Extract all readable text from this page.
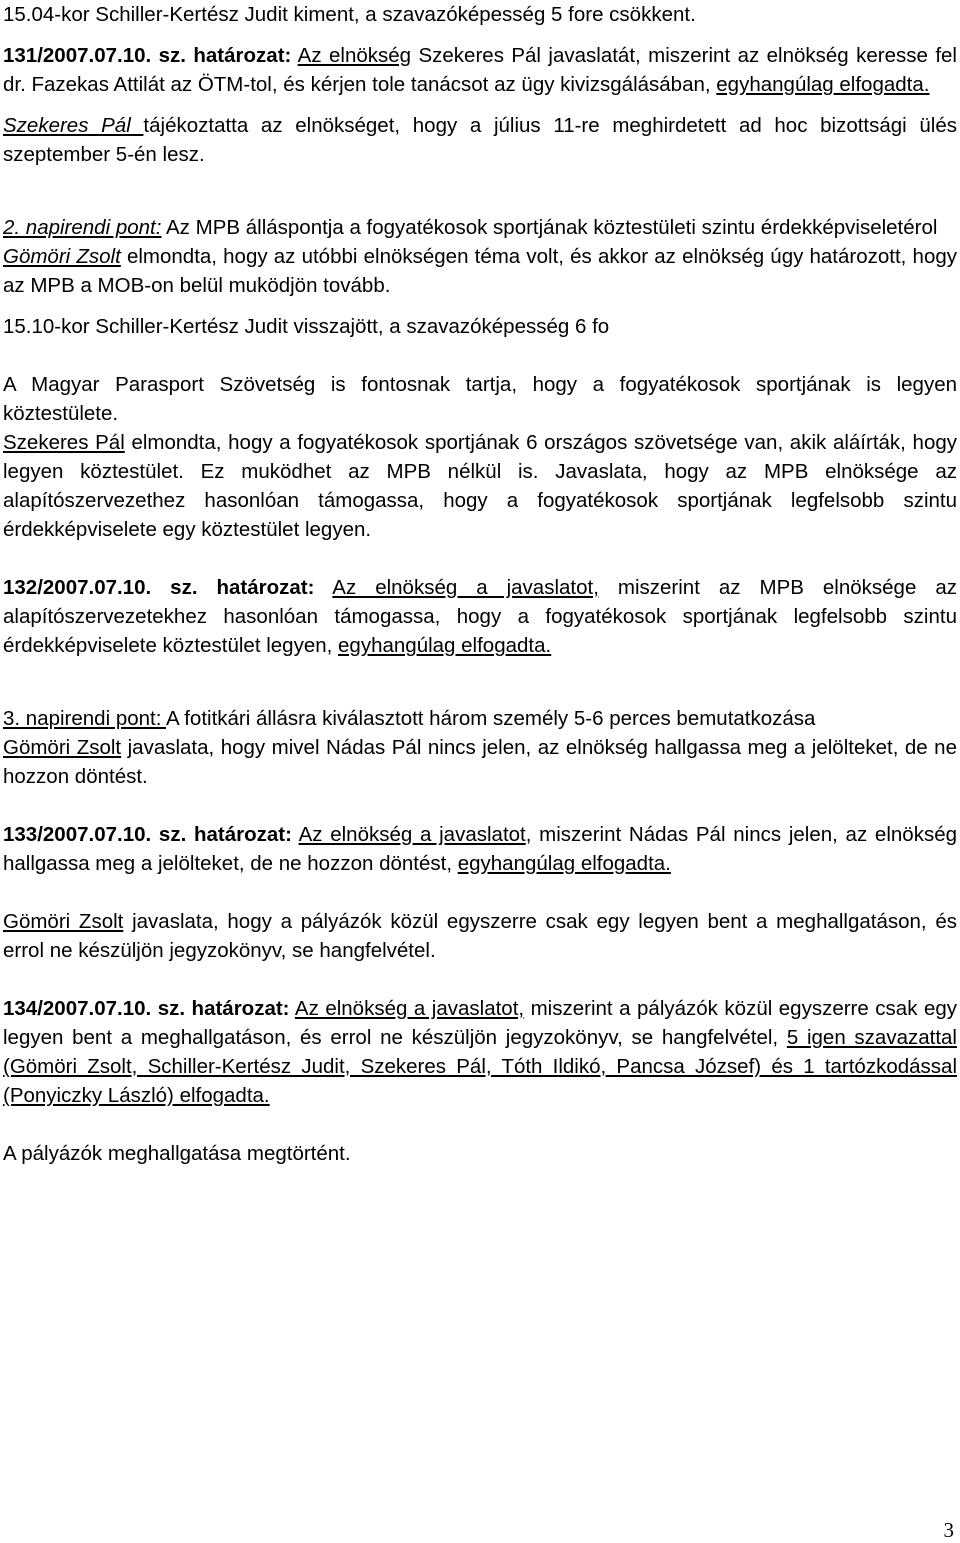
15.04-kor Schiller-Kertész Judit kiment, a szavazóképesség 5 fore csökkent.

131/2007.07.10. sz. határozat: Az elnökség Szekeres Pál javaslatát, miszerint az elnökség keresse fel dr. Fazekas Attilát az ÖTM-tol, és kérjen tole tanácsot az ügy kivizsgálásában, egyhangúlag elfogadta.

Szekeres Pál tájékoztatta az elnökséget, hogy a július 11-re meghirdetett ad hoc bizottsági ülés szeptember 5-én lesz.

2. napirendi pont: Az MPB álláspontja a fogyatékosok sportjának köztestületi szintu érdekképviseletérol

Gömöri Zsolt elmondta, hogy az utóbbi elnökségen téma volt, és akkor az elnökség úgy határozott, hogy az MPB a MOB-on belül muködjön tovább.

15.10-kor Schiller-Kertész Judit visszajött, a szavazóképesség 6 fo

A Magyar Parasport Szövetség is fontosnak tartja, hogy a fogyatékosok sportjának is legyen köztestülete.

Szekeres Pál elmondta, hogy a fogyatékosok sportjának 6 országos szövetsége van, akik aláírták, hogy legyen köztestület. Ez muködhet az MPB nélkül is. Javaslata, hogy az MPB elnöksége az alapítószervezethez hasonlóan támogassa, hogy a fogyatékosok sportjának legfelsobb szintu érdekképviselete egy köztestület legyen.

132/2007.07.10. sz. határozat: Az elnökség a javaslatot, miszerint az MPB elnöksége az alapítószervezetekhez hasonlóan támogassa, hogy a fogyatékosok sportjának legfelsobb szintu érdekképviselete köztestület legyen, egyhangúlag elfogadta.

3. napirendi pont: A fotitkári állásra kiválasztott három személy 5-6 perces bemutatkozása

Gömöri Zsolt javaslata, hogy mivel Nádas Pál nincs jelen, az elnökség hallgassa meg a jelölteket, de ne hozzon döntést.

133/2007.07.10. sz. határozat: Az elnökség a javaslatot, miszerint Nádas Pál nincs jelen, az elnökség hallgassa meg a jelölteket, de ne hozzon döntést, egyhangúlag elfogadta.

Gömöri Zsolt javaslata, hogy a pályázók közül egyszerre csak egy legyen bent a meghallgatáson, és errol ne készüljön jegyzokönyv, se hangfelvétel.

134/2007.07.10. sz. határozat: Az elnökség a javaslatot, miszerint a pályázók közül egyszerre csak egy legyen bent a meghallgatáson, és errol ne készüljön jegyzokönyv, se hangfelvétel, 5 igen szavazattal (Gömöri Zsolt, Schiller-Kertész Judit, Szekeres Pál, Tóth Ildikó, Pancsa József) és 1 tartózkodással (Ponyiczky László) elfogadta.

A pályázók meghallgatása megtörtént.

3
